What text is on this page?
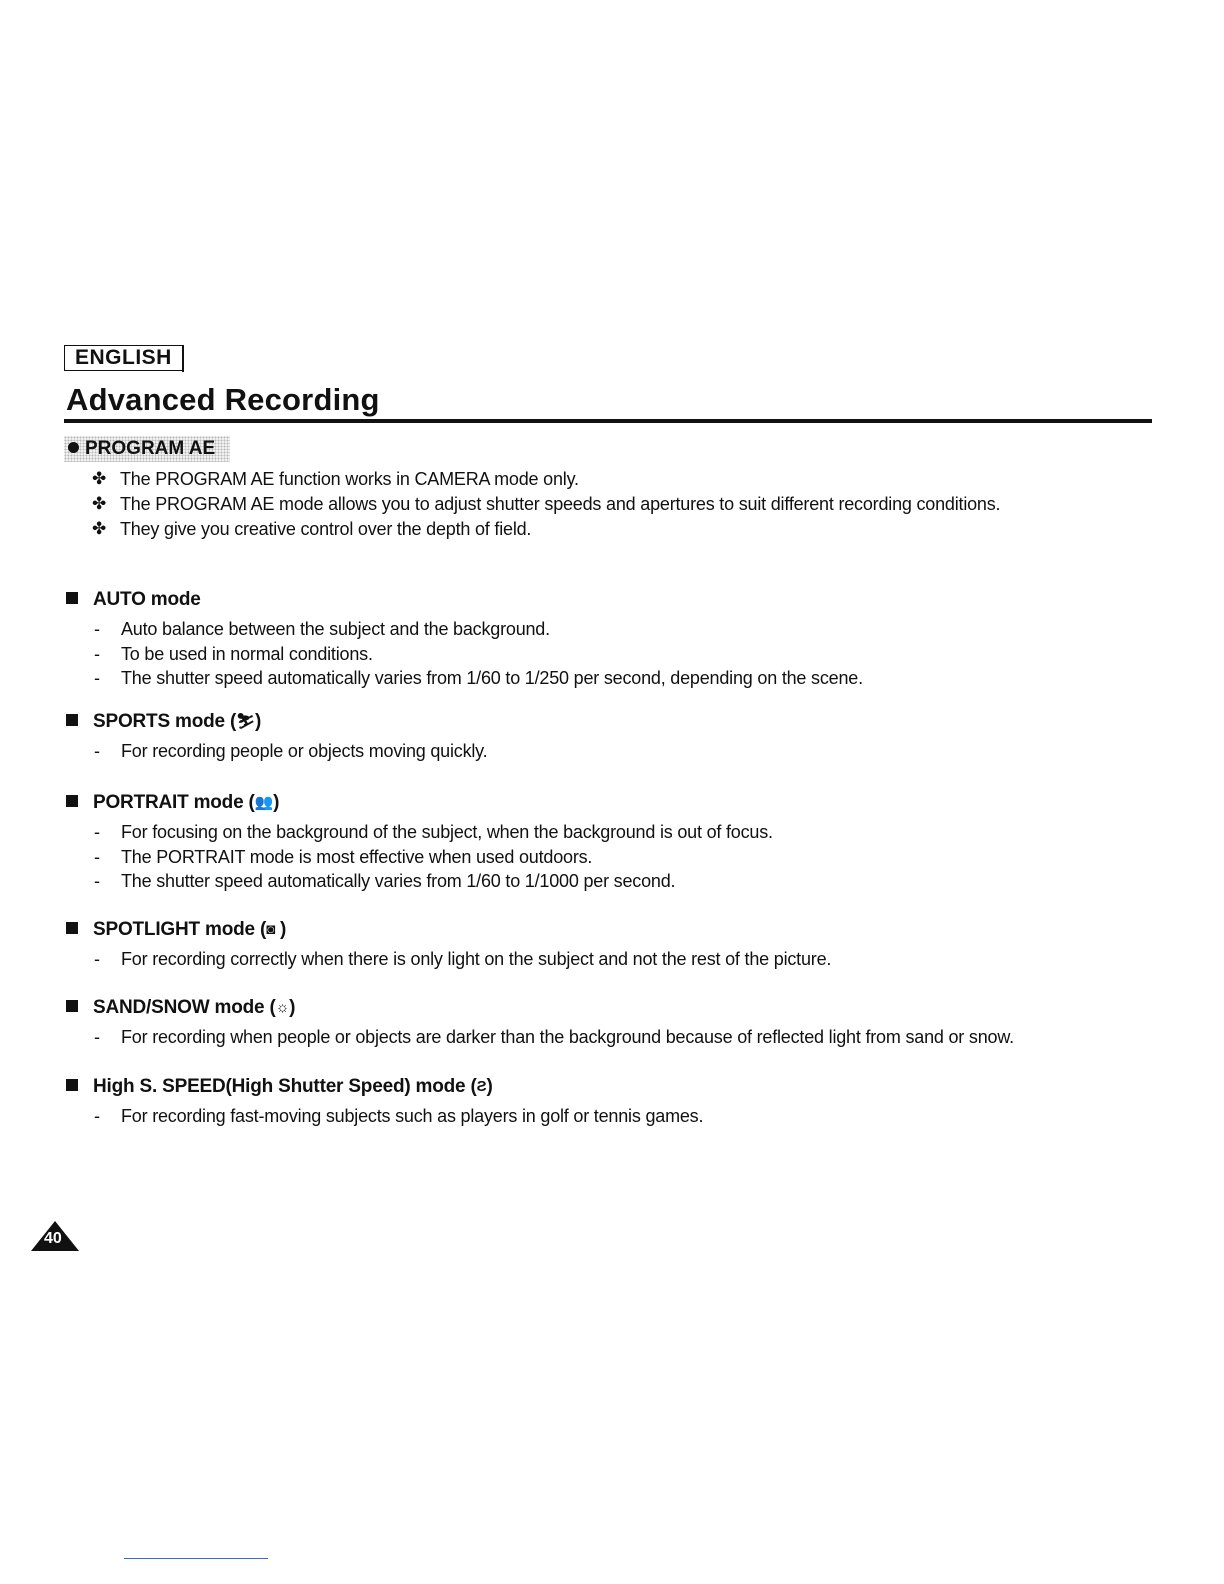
ENGLISH
Advanced Recording
PROGRAM AE
✤ The PROGRAM AE function works in CAMERA mode only.
✤ The PROGRAM AE mode allows you to adjust shutter speeds and apertures to suit different recording conditions.
✤ They give you creative control over the depth of field.
AUTO mode
- Auto balance between the subject and the background.
- To be used in normal conditions.
- The shutter speed automatically varies from 1/60 to 1/250 per second, depending on the scene.
SPORTS mode (⛷)
- For recording people or objects moving quickly.
PORTRAIT mode (👥)
- For focusing on the background of the subject, when the background is out of focus.
- The PORTRAIT mode is most effective when used outdoors.
- The shutter speed automatically varies from 1/60 to 1/1000 per second.
SPOTLIGHT mode (◙ )
- For recording correctly when there is only light on the subject and not the rest of the picture.
SAND/SNOW mode (☼)
- For recording when people or objects are darker than the background because of reflected light from sand or snow.
High S. SPEED(High Shutter Speed) mode (Ƨ)
- For recording fast-moving subjects such as players in golf or tennis games.
40
